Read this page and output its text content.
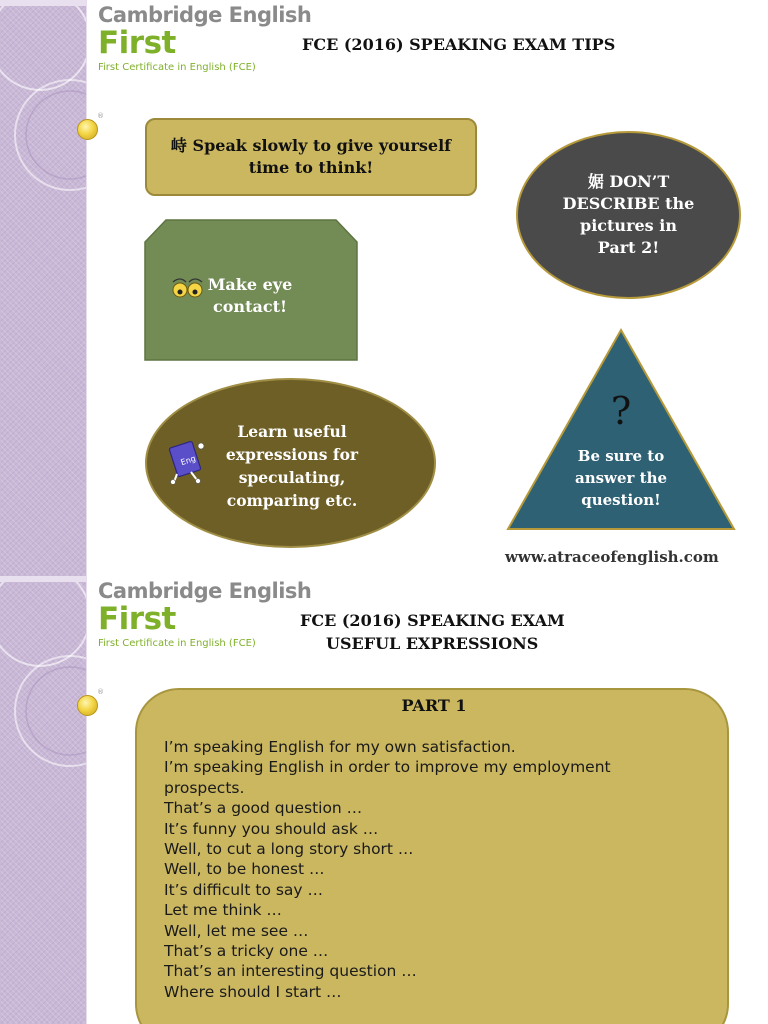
®
Cambridge English
First
First Certificate in English (FCE)
FCE (2016) SPEAKING EXAM TIPS
峙 Speak slowly to give yourself time to think!
婮 DON’T DESCRIBE the pictures in Part 2!
Make eye contact!
Eng
Learn useful expressions for speculating, comparing etc.
?
Be sure to answer the question!
www.atraceofenglish.com
®
Cambridge English
First
First Certificate in English (FCE)
FCE (2016) SPEAKING EXAM
USEFUL EXPRESSIONS
PART 1
I’m speaking English for my own satisfaction.
I’m speaking English in order to improve my employment prospects.
That’s a good question …
It’s funny you should ask …
Well, to cut a long story short …
Well, to be honest …
It’s difficult to say …
Let me think …
Well, let me see …
That’s a tricky one …
That’s an interesting question …
Where should I start …
